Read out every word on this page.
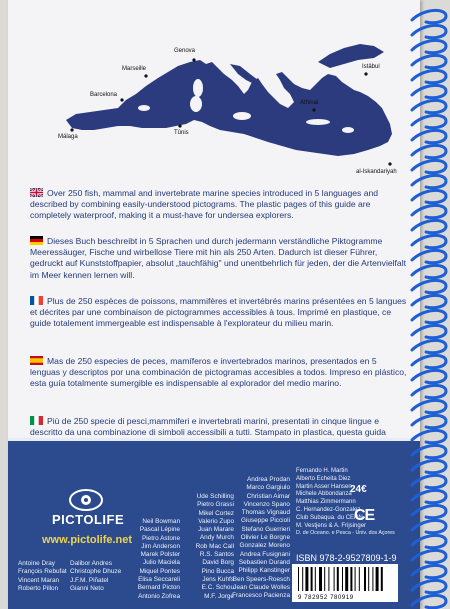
Marseille
Genova
Istâbul
Barcelona
Athinai
Málaga
Tûnis
al-Iskandariyah
Over 250 fish, mammal and invertebrate marine species introduced in 5 languages and described by combining easily-understood pictograms. The plastic pages of this guide are completely waterproof, making it a must-have for undersea explorers.
Dieses Buch beschreibt in 5 Sprachen und durch jedermann verständliche Piktogramme Meeressäuger, Fische und wirbellose Tiere mit hin als 250 Arten. Dadurch ist dieser Führer, gedruckt auf Kunststoffpapier, absolut „tauchfähig" und unentbehrlich für jeden, der die Artenvielfalt im Meer kennen lernen will.
Plus de 250 espèces de poissons, mammifères et invertébrés marins présentées en 5 langues et décrites par une combinaison de pictogrammes accessibles à tous. Imprimé en plastique, ce guide totalement immergeable est indispensable à l'explorateur du milieu marin.
Mas de 250 especies de peces, mamíferos e invertebrados marinos, presentados en 5 lenguas y descriptos por una combinación de pictogramas accesibles a todos. Impreso en plástico, esta guía totalmente sumergible es indispensable al explorador del medio marino.
Più de 250 specie di pesci,mammiferi e invertebrati marini, presentati in cinque lingue e descritto da una combinazione di simboli accessibili a tutti. Stampato in plastica, questa guida
PICTOLIFE
www.pictolife.net
Antoine Dray
François Rebufat
Vincent Maran
Roberto Pillon
Dalibor Andres
Christophe Dhuze
J.F.M. Piñatel
Gianni Neto
Neil Bowman
Pascal Lépine
Pietro Astone
Jim Anderson
Marek Polster
Julio Maciela
Miquel Pontes
Elisa Seccareli
Bernard Picton
Antonio Zofrea
Ude Schilling
Pietro Grassi
Mikel Cortez
Valerio Zupo
Juan Marare
Andy Murch
Rob Mac Call
R.S. Santos
David Borg
Pino Bucca
Jens Kuhfs
E.C. Schou
M.F. Jorge
Andrea Prodan
Marco Gargiulo
Christian Aimar
Vincenzo Spano
Thomas Vignaud
Giuseppe Piccioli
Stefano Guerrieri
Olivier Le Borgne
Gonzalez Moreno
Andrea Fusignani
Sebastien Durand
Philipp Kanstinger
Ben Speers-Roesch
Jean Claude Wolles
Francesco Pacienza
Fernando H. Martin
Alberto Echeita Diez
Martin Asser Hansen
Michele Abbondanza
Matthias Zimmermann
C. Hernandez-Gonzalez
Club Subaqua. du CERN
M. Vestjens & A. Frijsinger
D. de Oceano. e Pesca - Univ. dos Açores
24€
CE
ISBN 978-2-9527809-1-9
9 782952 780919
